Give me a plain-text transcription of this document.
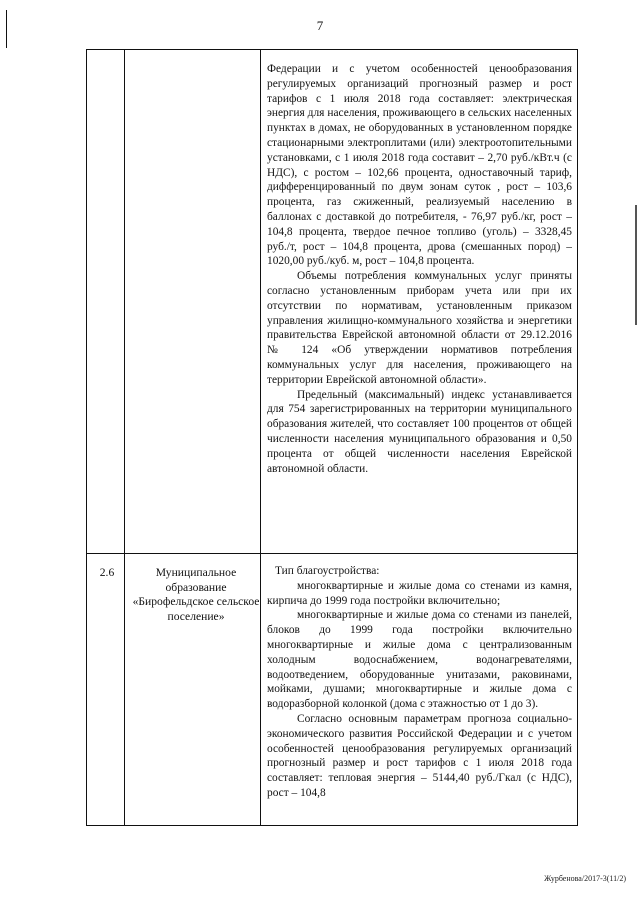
7

Федерации и с учетом особенностей ценообразования регулируемых организаций прогнозный размер и рост тарифов с 1 июля 2018 года составляет: электрическая энергия для населения, проживающего в сельских населенных пунктах в домах, не оборудованных в установленном порядке стационарными электроплитами (или) электроотопительными установками, с 1 июля 2018 года составит – 2,70 руб./кВт.ч (с НДС), с ростом – 102,66 процента, одноставочный тариф, дифференцированный по двум зонам суток , рост – 103,6 процента, газ сжиженный, реализуемый населению в баллонах с доставкой до потребителя, - 76,97 руб./кг, рост – 104,8 процента, твердое печное топливо (уголь) – 3328,45 руб./т, рост – 104,8 процента, дрова (смешанных пород) – 1020,00 руб./куб. м, рост – 104,8 процента.

Объемы потребления коммунальных услуг приняты согласно установленным приборам учета или при их отсутствии по нормативам, установленным приказом управления жилищно-коммунального хозяйства и энергетики правительства Еврейской автономной области от 29.12.2016 № 124 «Об утверждении нормативов потребления коммунальных услуг для населения, проживающего на территории Еврейской автономной области».

Предельный (максимальный) индекс устанавливается для 754 зарегистрированных на территории муниципального образования жителей, что составляет 100 процентов от общей численности населения муниципального образования и 0,50 процента от общей численности населения Еврейской автономной области.

2.6	Муниципальное образование «Бирофельдское сельское поселение»

Тип благоустройства:

многоквартирные и жилые дома со стенами из камня, кирпича до 1999 года постройки включительно;

многоквартирные и жилые дома со стенами из панелей, блоков до 1999 года постройки включительно многоквартирные и жилые дома с централизованным холодным водоснабжением, водонагревателями, водоотведением, оборудованные унитазами, раковинами, мойками, душами; многоквартирные и жилые дома с водоразборной колонкой (дома с этажностью от 1 до 3).

Согласно основным параметрам прогноза социально-экономического развития Российской Федерации и с учетом особенностей ценообразования регулируемых организаций прогнозный размер и рост тарифов с 1 июля 2018 года составляет: тепловая энергия – 5144,40 руб./Гкал (с НДС), рост – 104,8

Журбенова/2017-3(11/2)
